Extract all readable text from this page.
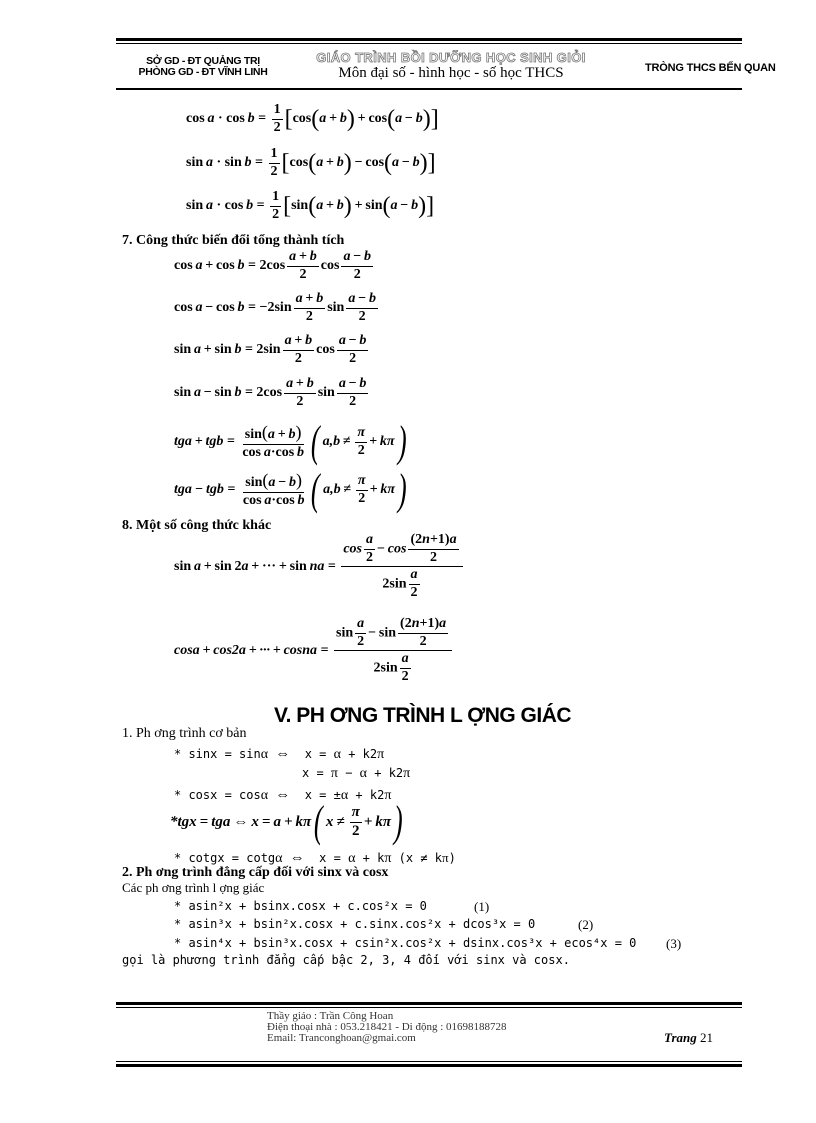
SỞ GD - ĐT QUẢNG TRỊ
PHÒNG GD - ĐT VĨNH LINH
GIÁO TRÌNH BỒI DƯỠNG HỌC SINH GIỎI
Môn đại số - hình học - số học THCS	TRÒNG THCS BẾN QUAN
cos  a · cos  b =
1
2 [ cos ( a  +  b )  + cos ( a  −  b ) ]
sin  a · sin  b =
1
2 [ cos ( a  +  b )  − cos ( a  −  b ) ]
sin  a · cos  b =
1
2 [ sin ( a  +  b )  + sin ( a  −  b ) ]
7. Công thức biến đổi tổng thành tích
cos  a  + cos  b = 2cos
a + b
2
cos
a − b
2
cos  a  − cos  b = −2sin
a + b
2
sin
a − b
2
sin  a  + sin  b = 2sin
a + b
2
cos
a − b
2
sin  a  − sin  b = 2cos
a + b
2
sin
a − b
2
tga + tgb = sin(a + b)
cos a·cos b ( a,b ≠ 
π
2
+ kπ )
tga − tgb = sin(a − b)
cos a·cos b ( a,b ≠ 
π
2
+ kπ )
8. Một số công thức khác
sin  a  + sin 2 a  + ··· + sin  na =
$\cos \frac{a}{2} - \cos \frac{(2n+1)a}{2}$
$2\sin \frac{a}{2}$
cosa + cos2a + ··· + cosna =
$\sin \frac{a}{2} - \sin \frac{(2n+1)a}{2}$
$2\sin \frac{a}{2}$
V. PH ƠNG TRÌNH L ỢNG GIÁC
1. Ph ơng trình cơ bản
* sinx = sinα ⇔  x = α + k2π
x = π − α + k2π
* cosx = cosα ⇔  x = ±α + k2π
*tgx = tga ⇔ x = a + kπ ( x ≠ 
π
2
+ kπ )
* cotgx = cotgα ⇔  x = α + kπ (x ≠ kπ)
2. Ph ơng trình đẳng cấp đối với sinx và cosx
Các ph ơng trình l ợng giác
* asin²x + bsinx.cosx + c.cos²x = 0	(1)
* asin³x + bsin²x.cosx + c.sinx.cos²x + dcos³x = 0	(2)
* asin⁴x + bsin³x.cosx + csin²x.cos²x + dsinx.cos³x + ecos⁴x = 0 (3)
gọi là phương trình đẳng cấp bậc 2, 3, 4 đối với sinx và cosx.
Thầy giáo : Trần Công Hoan
Điện thoại nhà : 053.218421 - Di động : 01698188728
Email: Tranconghoan@gmai.com	Trang 21
